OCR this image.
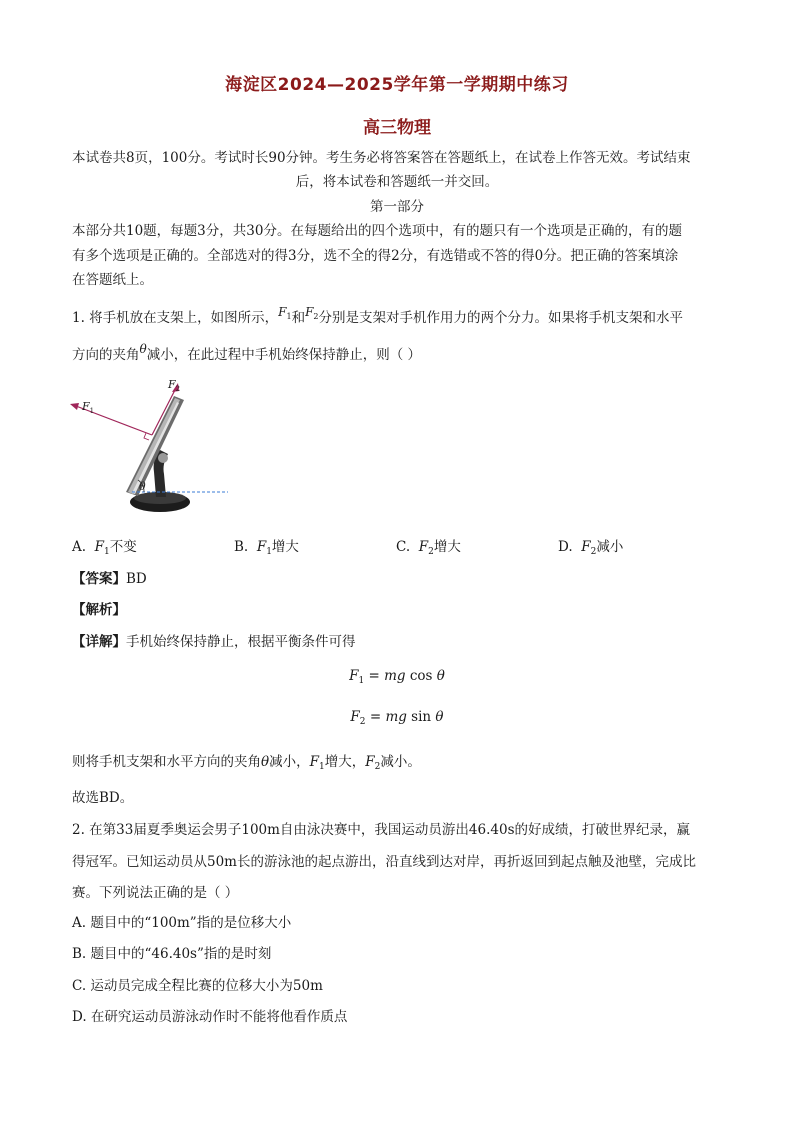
海淀区2024—2025学年第一学期期中练习
高三物理
本试卷共8页，100分。考试时长90分钟。考生务必将答案答在答题纸上，在试卷上作答无效。考试结束
后，将本试卷和答题纸一并交回。
第一部分
本部分共10题，每题3分，共30分。在每题给出的四个选项中，有的题只有一个选项是正确的，有的题
有多个选项是正确的。全部选对的得3分，选不全的得2分，有选错或不答的得0分。把正确的答案填涂
在答题纸上。
1. 将手机放在支架上，如图所示，$F_1$和$F_2$分别是支架对手机作用力的两个分力。如果将手机支架和水平
方向的夹角θ减小，在此过程中手机始终保持静止，则（ ）
θ
$F_2$
$F_1$
A. $F_1$不变	B. $F_1$增大	C. $F_2$增大	D. $F_2$减小
【答案】BD
【解析】
【详解】手机始终保持静止，根据平衡条件可得
$F_1$ = mg cos θ
$F_2$ = mg sin θ
则将手机支架和水平方向的夹角θ减小，$F_1$增大，$F_2$减小。
故选BD。
2. 在第33届夏季奥运会男子100m自由泳决赛中，我国运动员游出46.40s的好成绩，打破世界纪录，赢
得冠军。已知运动员从50m长的游泳池的起点游出，沿直线到达对岸，再折返回到起点触及池壁，完成比
赛。下列说法正确的是（ ）
A. 题目中的“100m”指的是位移大小
B. 题目中的“46.40s”指的是时刻
C. 运动员完成全程比赛的位移大小为50m
D. 在研究运动员游泳动作时不能将他看作质点
